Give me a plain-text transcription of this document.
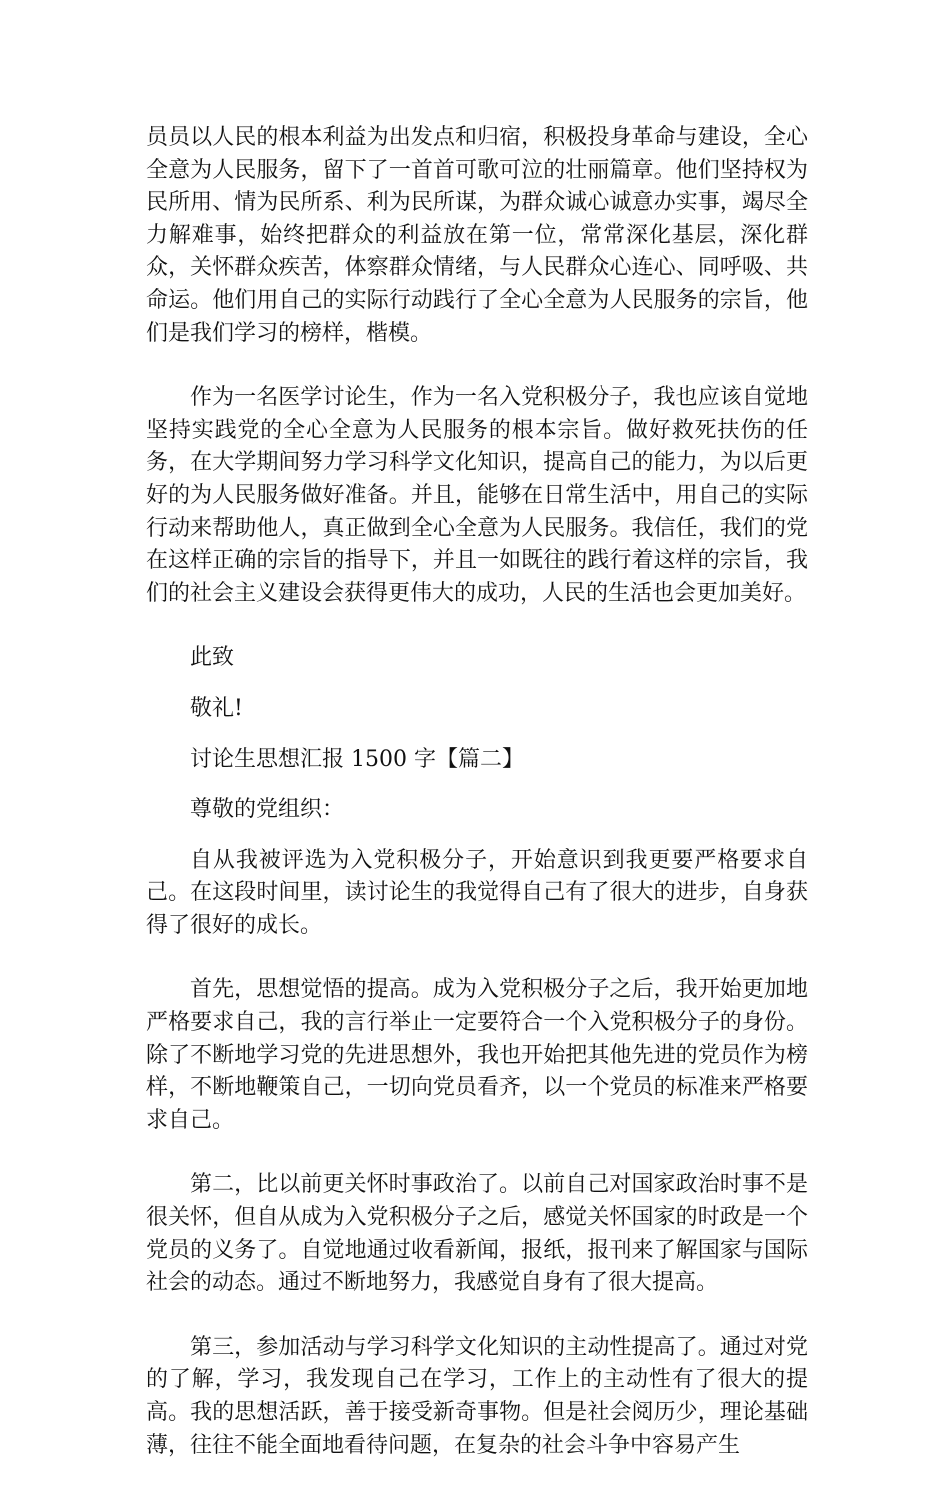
员员以人民的根本利益为出发点和归宿，积极投身革命与建设，全心全意为人民服务，留下了一首首可歌可泣的壮丽篇章。他们坚持权为民所用、情为民所系、利为民所谋，为群众诚心诚意办实事，竭尽全力解难事，始终把群众的利益放在第一位，常常深化基层，深化群众，关怀群众疾苦，体察群众情绪，与人民群众心连心、同呼吸、共命运。他们用自己的实际行动践行了全心全意为人民服务的宗旨，他们是我们学习的榜样，楷模。

作为一名医学讨论生，作为一名入党积极分子，我也应该自觉地坚持实践党的全心全意为人民服务的根本宗旨。做好救死扶伤的任务，在大学期间努力学习科学文化知识，提高自己的能力，为以后更好的为人民服务做好准备。并且，能够在日常生活中，用自己的实际行动来帮助他人，真正做到全心全意为人民服务。我信任，我们的党在这样正确的宗旨的指导下，并且一如既往的践行着这样的宗旨，我们的社会主义建设会获得更伟大的成功，人民的生活也会更加美好。

此致

敬礼!

讨论生思想汇报 1500 字【篇二】

尊敬的党组织：

自从我被评选为入党积极分子，开始意识到我更要严格要求自己。在这段时间里，读讨论生的我觉得自己有了很大的进步，自身获得了很好的成长。

首先，思想觉悟的提高。成为入党积极分子之后，我开始更加地严格要求自己，我的言行举止一定要符合一个入党积极分子的身份。除了不断地学习党的先进思想外，我也开始把其他先进的党员作为榜样，不断地鞭策自己，一切向党员看齐，以一个党员的标准来严格要求自己。

第二，比以前更关怀时事政治了。以前自己对国家政治时事不是很关怀，但自从成为入党积极分子之后，感觉关怀国家的时政是一个党员的义务了。自觉地通过收看新闻，报纸，报刊来了解国家与国际社会的动态。通过不断地努力，我感觉自身有了很大提高。

第三，参加活动与学习科学文化知识的主动性提高了。通过对党的了解，学习，我发现自己在学习，工作上的主动性有了很大的提高。我的思想活跃，善于接受新奇事物。但是社会阅历少，理论基础薄，往往不能全面地看待问题，在复杂的社会斗争中容易产生
